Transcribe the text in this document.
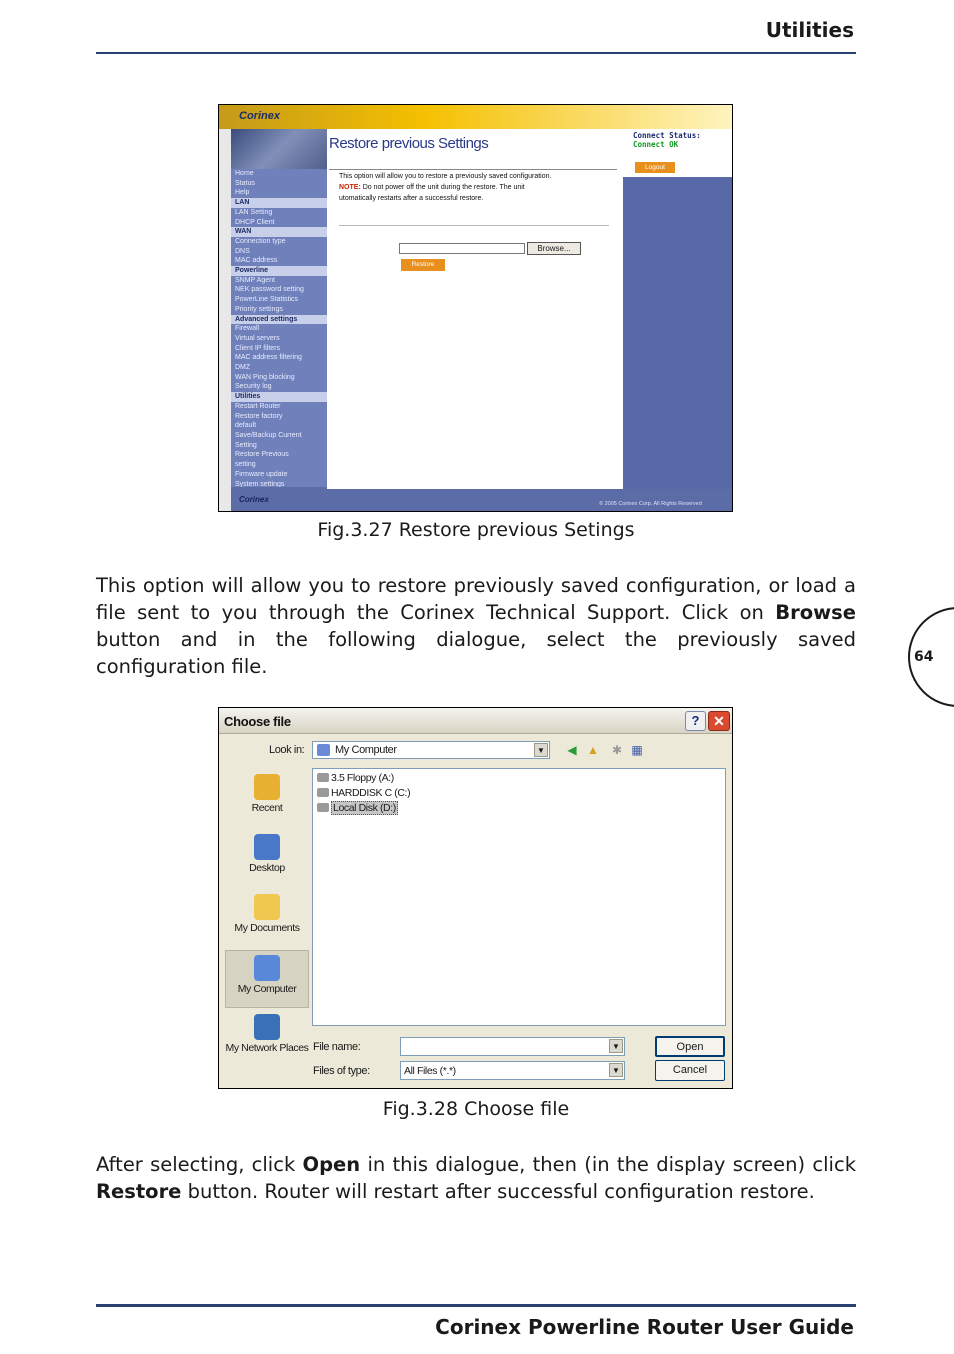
Utilities
64
Corinex
Home
Status
Help
LAN
LAN Setting
DHCP Client
WAN
Connection type
DNS
MAC address
Powerline
SNMP Agent
NEK password setting
PowerLine Statistics
Priority settings
Advanced settings
Firewall
Virtual servers
Client IP filters
MAC address filtering
DMZ
WAN Ping blocking
Security log
Utilities
Restart Router
Restore factory
default
Save/Backup Current
Setting
Restore Previous
setting
Firmware update
System settings
Corinex
Restore previous Settings
This option will allow you to restore a previously saved configuration.
NOTE: Do not power off the unit during the restore. The unit
utomatically restarts after a successful restore.
Browse...
Restore
Connect Status:
Connect OK
Logout
© 2005 Corinex Corp. All Rights Reserved
Fig.3.27 Restore previous Setings
This option will allow you to restore previously saved configuration, or load a file sent to you through the Corinex Technical Support. Click on Browse button and in the following dialogue, select the previously saved configuration file.
Choose file	? ✕
Look in:	My Computer	▼ ◀ ▲ ✱ ▦
Recent
Desktop
My Documents
My Computer
My Network Places
3.5 Floppy (A:)
HARDDISK C (C:)
Local Disk (D:)
File name:	▼
Files of type:	All Files (*.*)	▼
Open
Cancel
Fig.3.28 Choose file
After selecting, click Open in this dialogue, then (in the display screen) click Restore button. Router will restart after successful configuration restore.
Corinex Powerline Router User Guide
